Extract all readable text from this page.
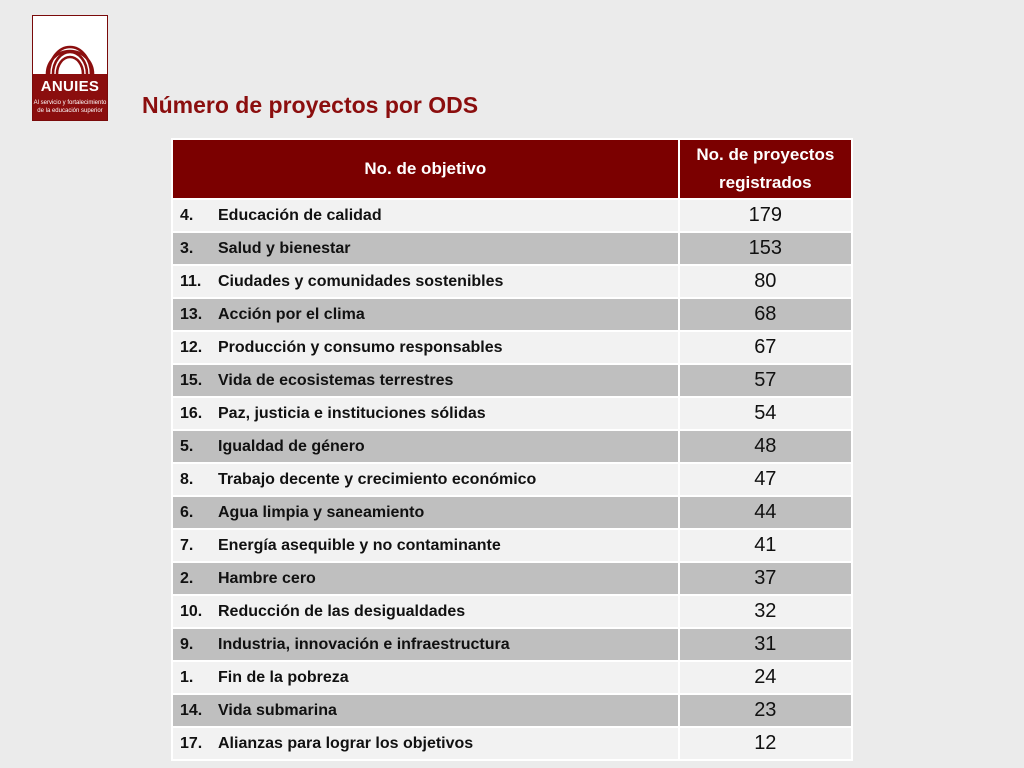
ANUIES
Al servicio y fortalecimiento
de la educación superior Número de proyectos por ODS
No. de objetivo	No. de proyectos
registrados
4. Educación de calidad	179
3. Salud y bienestar	153
11. Ciudades y comunidades sostenibles	80
13. Acción por el clima	68
12. Producción y consumo responsables	67
15. Vida de ecosistemas terrestres	57
16. Paz, justicia e instituciones sólidas	54
5. Igualdad de género	48
8. Trabajo decente y crecimiento económico	47
6. Agua limpia y saneamiento	44
7. Energía asequible y no contaminante	41
2. Hambre cero	37
10. Reducción de las desigualdades	32
9. Industria, innovación e infraestructura	31
1. Fin de la pobreza	24
14. Vida submarina	23
17. Alianzas para lograr los objetivos	12
